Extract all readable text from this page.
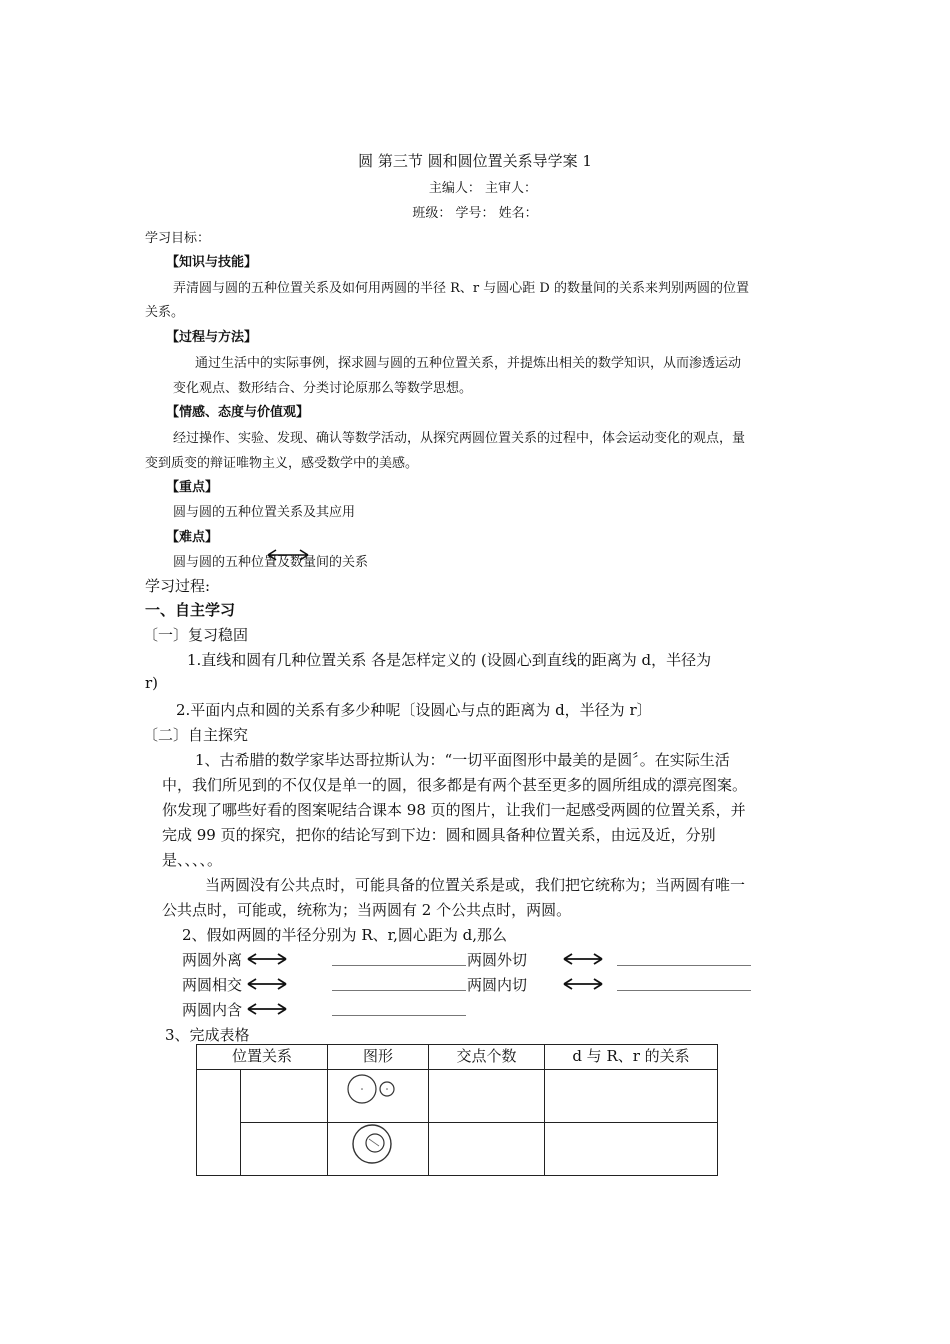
圆 第三节 圆和圆位置关系导学案 1
主编人： 主审人：
班级： 学号： 姓名：
学习目标：
【知识与技能】
弄清圆与圆的五种位置关系及如何用两圆的半径 R、r 与圆心距 D 的数量间的关系来判别两圆的位置
关系。
【过程与方法】
通过生活中的实际事例，探求圆与圆的五种位置关系，并提炼出相关的数学知识，从而渗透运动
变化观点、数形结合、分类讨论原那么等数学思想。
【情感、态度与价值观】
经过操作、实验、发现、确认等数学活动，从探究两圆位置关系的过程中，体会运动变化的观点，量
变到质变的辩证唯物主义，感受数学中的美感。
【重点】
圆与圆的五种位置关系及其应用
【难点】
圆与圆的五种位置及数量间的关系
学习过程:
一、自主学习
〔一〕复习稳固
1.直线和圆有几种位置关系 各是怎样定义的 (设圆心到直线的距离为 d，半径为
r)
2.平面内点和圆的关系有多少种呢〔设圆心与点的距离为 d，半径为 r〕
〔二〕自主探究
1、古希腊的数学家毕达哥拉斯认为：“一切平面图形中最美的是圆〞。在实际生活
中，我们所见到的不仅仅是单一的圆，很多都是有两个甚至更多的圆所组成的漂亮图案。
你发现了哪些好看的图案呢结合课本 98 页的图片，让我们一起感受两圆的位置关系，并
完成 99 页的探究，把你的结论写到下边：圆和圆具备种位置关系，由远及近，分别
是、、、、。
当两圆没有公共点时，可能具备的位置关系是或，我们把它统称为；当两圆有唯一
公共点时，可能或，统称为；当两圆有 2 个公共点时，两圆。
2、假如两圆的半径分别为 R、r,圆心距为 d,那么
两圆外离	两圆外切
两圆相交	两圆内切
两圆内含
3、完成表格
位置关系		图形	交点个数	d 与 R、r 的关系
